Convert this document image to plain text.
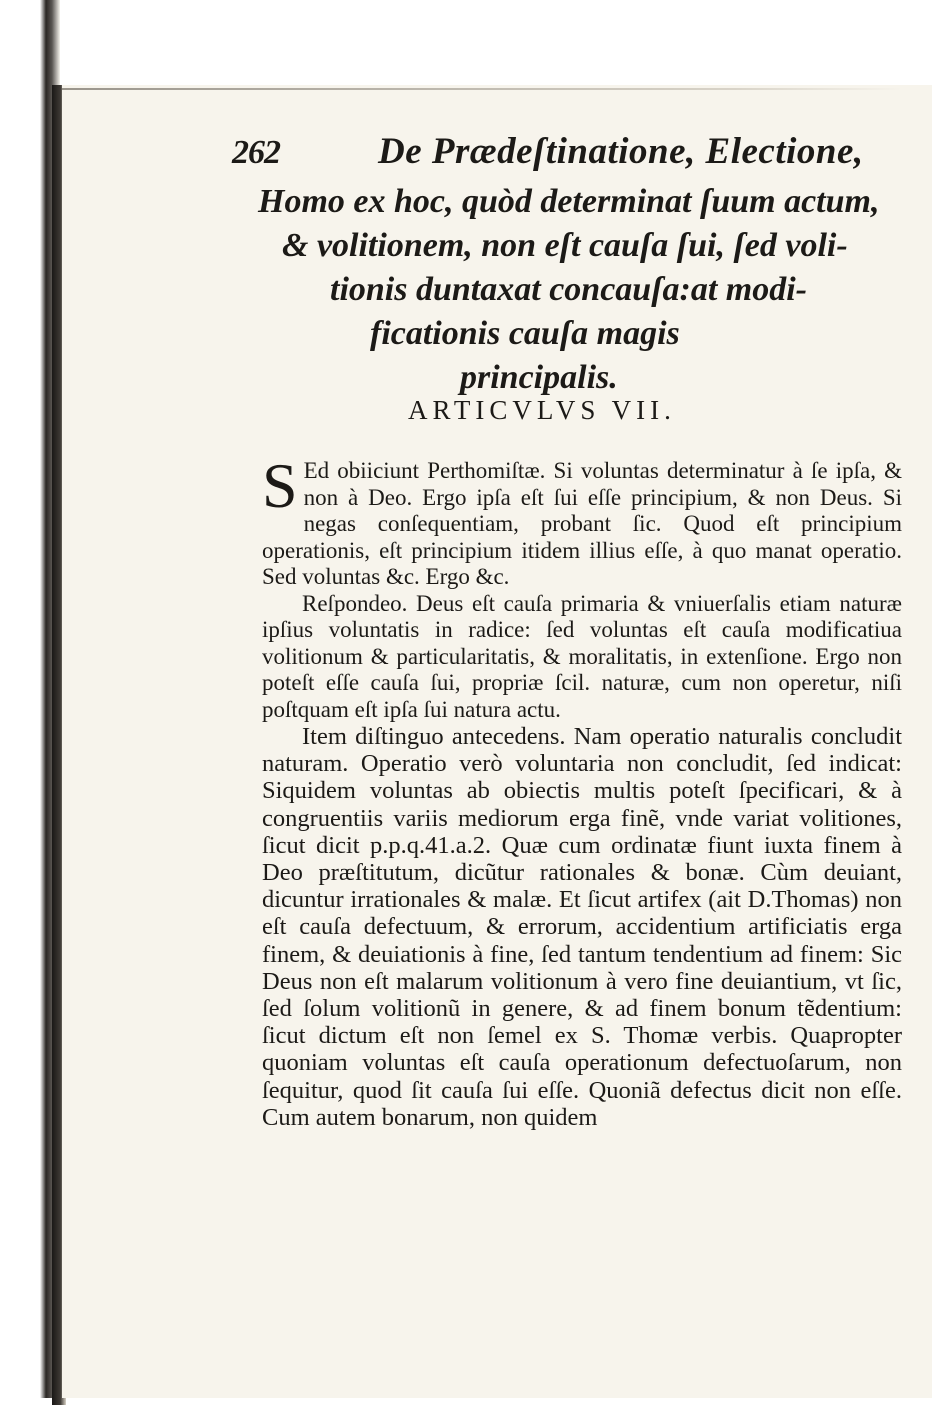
262	De Prædeſtinatione, Electione,
Homo ex hoc, quòd determinat ſuum actum,
& volitionem, non eſt cauſa ſui, ſed voli-
tionis duntaxat concauſa:at modi-
ficationis cauſa magis
principalis.
ARTICVLVS VII.

S Ed obiiciunt Perthomiſtæ. Si voluntas determinatur à ſe ipſa, & non à Deo. Ergo ipſa eſt ſui eſſe principium, & non Deus. Si negas conſequentiam, probant ſic. Quod eſt principium operationis, eſt principium itidem illius eſſe, à quo manat operatio. Sed voluntas &c. Ergo &c.

Reſpondeo. Deus eſt cauſa primaria & vniuerſalis etiam naturæ ipſius voluntatis in radice: ſed voluntas eſt cauſa modificatiua volitionum & particularitatis, & moralitatis, in extenſione. Ergo non poteſt eſſe cauſa ſui, propriæ ſcil. naturæ, cum non operetur, niſi poſtquam eſt ipſa ſui natura actu.

Item diſtinguo antecedens. Nam operatio naturalis concludit naturam. Operatio verò voluntaria non concludit, ſed indicat: Siquidem voluntas ab obiectis multis poteſt ſpecificari, & à congruentiis variis mediorum erga finẽ, vnde variat volitiones, ſicut dicit p.p.q.41.a.2. Quæ cum ordinatæ fiunt iuxta finem à Deo præſtitutum, dicũtur rationales & bonæ. Cùm deuiant, dicuntur irrationales & malæ. Et ſicut artifex (ait D.Thomas) non eſt cauſa defectuum, & errorum, accidentium artificiatis erga finem, & deuiationis à fine, ſed tantum tendentium ad finem: Sic Deus non eſt malarum volitionum à vero fine deuiantium, vt ſic, ſed ſolum volitionũ in genere, & ad finem bonum tẽdentium: ſicut dictum eſt non ſemel ex S. Thomæ verbis. Quapropter quoniam voluntas eſt cauſa operationum defectuoſarum, non ſequitur, quod ſit cauſa ſui eſſe. Quoniã defectus dicit non eſſe. Cum autem bonarum, non quidem
